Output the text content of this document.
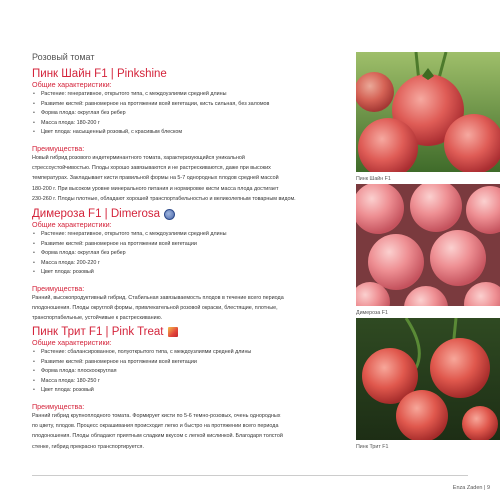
Розовый томат
Пинк Шайн F1 | Pinkshine
Общие характеристики:
• Растение: генеративное, открытого типа, с междоузлиями средней длины
• Развитие кистей: равномерное на протяжении всей вегетации, кисть сильная, без заломов
• Форма плода: округлая без ребер
• Масса плода: 180-200 г
• Цвет плода: насыщенный розовый, с красивым блеском
Преимущества:
Новый гибрид розового индетерминантного томата, характеризующийся уникальной
стрессоустойчивостью. Плоды хорошо завязываются и не растрескиваются, даже при высоких
температурах. Закладывает кисти правильной формы на 5-7 однородных плодов средней массой
180-200 г. При высоком уровне минерального питания и нормировке кисти масса плода достигает
230-260 г. Плоды плотные, обладают хорошей транспортабельностью и великолепным товарным видом.
Димероза F1 | Dimerosa
Общие характеристики:
• Растение: генеративное, открытого типа, с междоузлиями средней длины
• Развитие кистей: равномерное на протяжении всей вегетации
• Форма плода: округлая без ребер
• Масса плода: 200-220 г
• Цвет плода: розовый
Преимущества:
Ранний, высокопродуктивный гибрид. Стабильная завязываемость плодов в течение всего периода
плодоношения. Плоды округлой формы, привлекательной розовой окраски, блестящие, плотные,
транспортабельные, устойчивые к растрескиванию.
Пинк Трит F1 | Pink Treat
Общие характеристики:
• Растение: сбалансированное, полуоткрытого типа, с междоузлиями средней длины
• Развитие кистей: равномерное на протяжении всей вегетации
• Форма плода: плоскоокруглая
• Масса плода: 180-250 г
• Цвет плода: розовый
Преимущества:
Ранний гибрид крупноплодного томата. Формирует кисти по 5-6 темно-розовых, очень однородных
по цвету, плодов. Процесс окрашивания происходит легко и быстро на протяжении всего периода
плодоношения. Плоды обладают приятным сладким вкусом с легкой кислинкой. Благодаря толстой
стенке, гибрид прекрасно транспортируется.
Пинк Шайн F1
Димероза F1
Пинк Трит F1
Enza Zaden | 9
